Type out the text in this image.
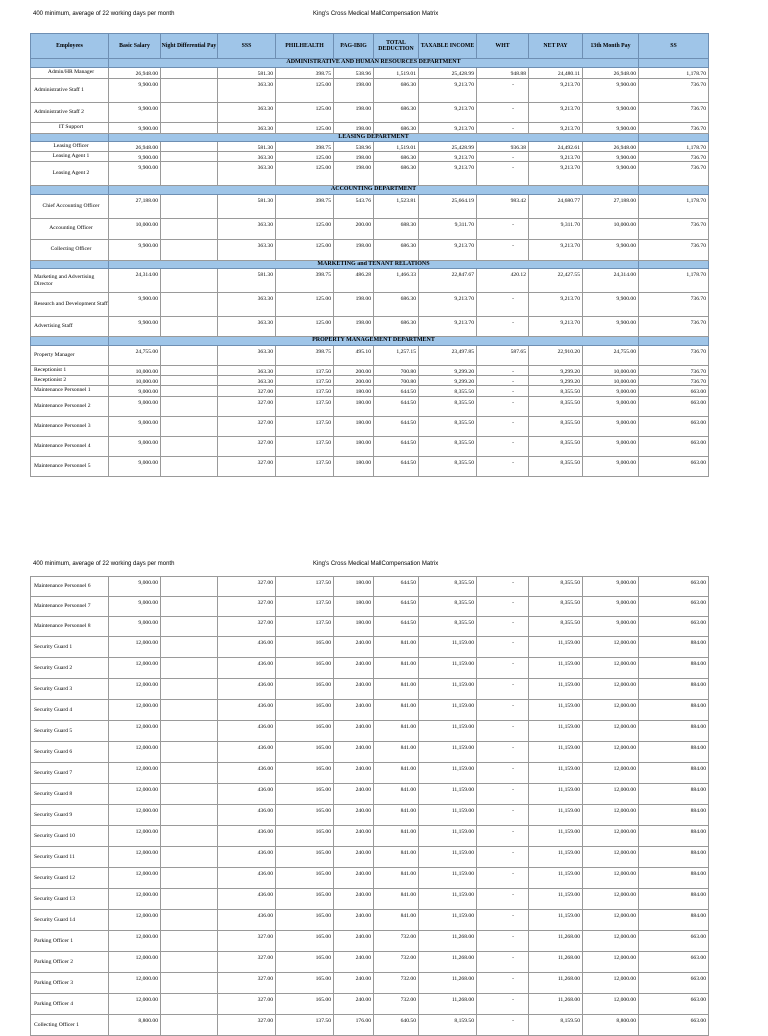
400 minimum, average of 22 working days per month	King's Cross Medical MallCompensation Matrix
Employees	Basic Salary	Night Differential Pay	SSS	PHILHEALTH	PAG-IBIG	TOTAL DEDUCTION	TAXABLE INCOME	WHT	NET PAY	13th Month Pay	SS
	ADMINISTRATIVE AND HUMAN RESOURCES DEPARTMENT										
Admin/HR Manager	26,948.00		581.30	398.75	538.96	1,519.01	25,428.99	948.88	24,480.11	26,948.00	1,178.70
Administrative Staff 1	9,900.00		363.30	125.00	198.00	686.30	9,213.70	-	9,213.70	9,900.00	736.70
Administrative Staff 2	9,900.00		363.30	125.00	198.00	686.30	9,213.70	-	9,213.70	9,900.00	736.70
IT Support	9,900.00		363.30	125.00	198.00	686.30	9,213.70	-	9,213.70	9,900.00	736.70
	LEASING DEPARTMENT										
Leasing Officer	26,948.00		581.30	398.75	538.96	1,519.01	25,428.99	936.38	24,492.61	26,948.00	1,178.70
Leasing Agent 1	9,900.00		363.30	125.00	198.00	686.30	9,213.70	-	9,213.70	9,900.00	736.70
Leasing Agent 2	9,900.00		363.30	125.00	198.00	686.30	9,213.70	-	9,213.70	9,900.00	736.70
	ACCOUNTING DEPARTMENT										
Chief Accounting Officer	27,188.00		581.30	398.75	543.76	1,523.81	25,664.19	983.42	24,680.77	27,188.00	1,178.70
Accounting Officer	10,000.00		363.30	125.00	200.00	688.30	9,311.70	-	9,311.70	10,000.00	736.70
Collecting Officer	9,900.00		363.30	125.00	198.00	686.30	9,213.70	-	9,213.70	9,900.00	736.70
	MARKETING and TENANT RELATIONS										
Marketing and Advertising Director	24,314.00		581.30	398.75	486.28	1,466.33	22,847.67	420.12	22,427.55	24,314.00	1,178.70
Research and Development Staff	9,900.00		363.30	125.00	198.00	686.30	9,213.70	-	9,213.70	9,900.00	736.70
Advertising Staff	9,900.00		363.30	125.00	198.00	686.30	9,213.70	-	9,213.70	9,900.00	736.70
	PROPERTY MANAGEMENT DEPARTMENT										
Property Manager	24,755.00		363.30	398.75	495.10	1,257.15	23,497.85	587.65	22,910.20	24,755.00	736.70
Receptionist 1	10,000.00		363.30	137.50	200.00	700.80	9,299.20	-	9,299.20	10,000.00	736.70
Receptionist 2	10,000.00		363.30	137.50	200.00	700.80	9,299.20	-	9,299.20	10,000.00	736.70
Maintenance Personnel 1	9,000.00		327.00	137.50	180.00	644.50	8,355.50	-	8,355.50	9,000.00	663.00
Maintenance Personnel 2	9,000.00		327.00	137.50	180.00	644.50	8,355.50	-	8,355.50	9,000.00	663.00
Maintenance Personnel 3	9,000.00		327.00	137.50	180.00	644.50	8,355.50	-	8,355.50	9,000.00	663.00
Maintenance Personnel 4	9,000.00		327.00	137.50	180.00	644.50	8,355.50	-	8,355.50	9,000.00	663.00
Maintenance Personnel 5	9,000.00		327.00	137.50	180.00	644.50	8,355.50	-	8,355.50	9,000.00	663.00
400 minimum, average of 22 working days per month	King's Cross Medical MallCompensation Matrix
Maintenance Personnel 6	9,000.00		327.00	137.50	180.00	644.50	8,355.50	-	8,355.50	9,000.00	663.00
Maintenance Personnel 7	9,000.00		327.00	137.50	180.00	644.50	8,355.50	-	8,355.50	9,000.00	663.00
Maintenance Personnel 8	9,000.00		327.00	137.50	180.00	644.50	8,355.50	-	8,355.50	9,000.00	663.00
Security Guard 1	12,000.00		436.00	165.00	240.00	841.00	11,159.00	-	11,159.00	12,000.00	884.00
Security Guard 2	12,000.00		436.00	165.00	240.00	841.00	11,159.00	-	11,159.00	12,000.00	884.00
Security Guard 3	12,000.00		436.00	165.00	240.00	841.00	11,159.00	-	11,159.00	12,000.00	884.00
Security Guard 4	12,000.00		436.00	165.00	240.00	841.00	11,159.00	-	11,159.00	12,000.00	884.00
Security Guard 5	12,000.00		436.00	165.00	240.00	841.00	11,159.00	-	11,159.00	12,000.00	884.00
Security Guard 6	12,000.00		436.00	165.00	240.00	841.00	11,159.00	-	11,159.00	12,000.00	884.00
Security Guard 7	12,000.00		436.00	165.00	240.00	841.00	11,159.00	-	11,159.00	12,000.00	884.00
Security Guard 8	12,000.00		436.00	165.00	240.00	841.00	11,159.00	-	11,159.00	12,000.00	884.00
Security Guard 9	12,000.00		436.00	165.00	240.00	841.00	11,159.00	-	11,159.00	12,000.00	884.00
Security Guard 10	12,000.00		436.00	165.00	240.00	841.00	11,159.00	-	11,159.00	12,000.00	884.00
Security Guard 11	12,000.00		436.00	165.00	240.00	841.00	11,159.00	-	11,159.00	12,000.00	884.00
Security Guard 12	12,000.00		436.00	165.00	240.00	841.00	11,159.00	-	11,159.00	12,000.00	884.00
Security Guard 13	12,000.00		436.00	165.00	240.00	841.00	11,159.00	-	11,159.00	12,000.00	884.00
Security Guard 14	12,000.00		436.00	165.00	240.00	841.00	11,159.00	-	11,159.00	12,000.00	884.00
Parking Officer 1	12,000.00		327.00	165.00	240.00	732.00	11,268.00	-	11,268.00	12,000.00	663.00
Parking Officer 2	12,000.00		327.00	165.00	240.00	732.00	11,268.00	-	11,268.00	12,000.00	663.00
Parking Officer 3	12,000.00		327.00	165.00	240.00	732.00	11,268.00	-	11,268.00	12,000.00	663.00
Parking Officer 4	12,000.00		327.00	165.00	240.00	732.00	11,268.00	-	11,268.00	12,000.00	663.00
Collecting Officer 1	8,800.00		327.00	137.50	176.00	640.50	8,159.50	-	8,159.50	8,800.00	663.00
